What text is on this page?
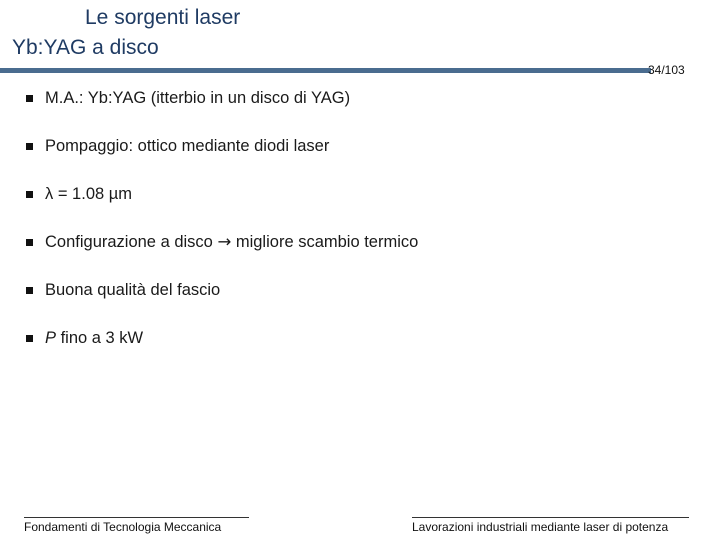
Le sorgenti laser
Yb:YAG a disco
34/103
M.A.: Yb:YAG (itterbio in un disco di YAG)
Pompaggio: ottico mediante diodi laser
λ = 1.08 µm
Configurazione a disco → migliore scambio termico
Buona qualità del fascio
P fino a 3 kW
Fondamenti di Tecnologia Meccanica	Lavorazioni industriali mediante laser di potenza
